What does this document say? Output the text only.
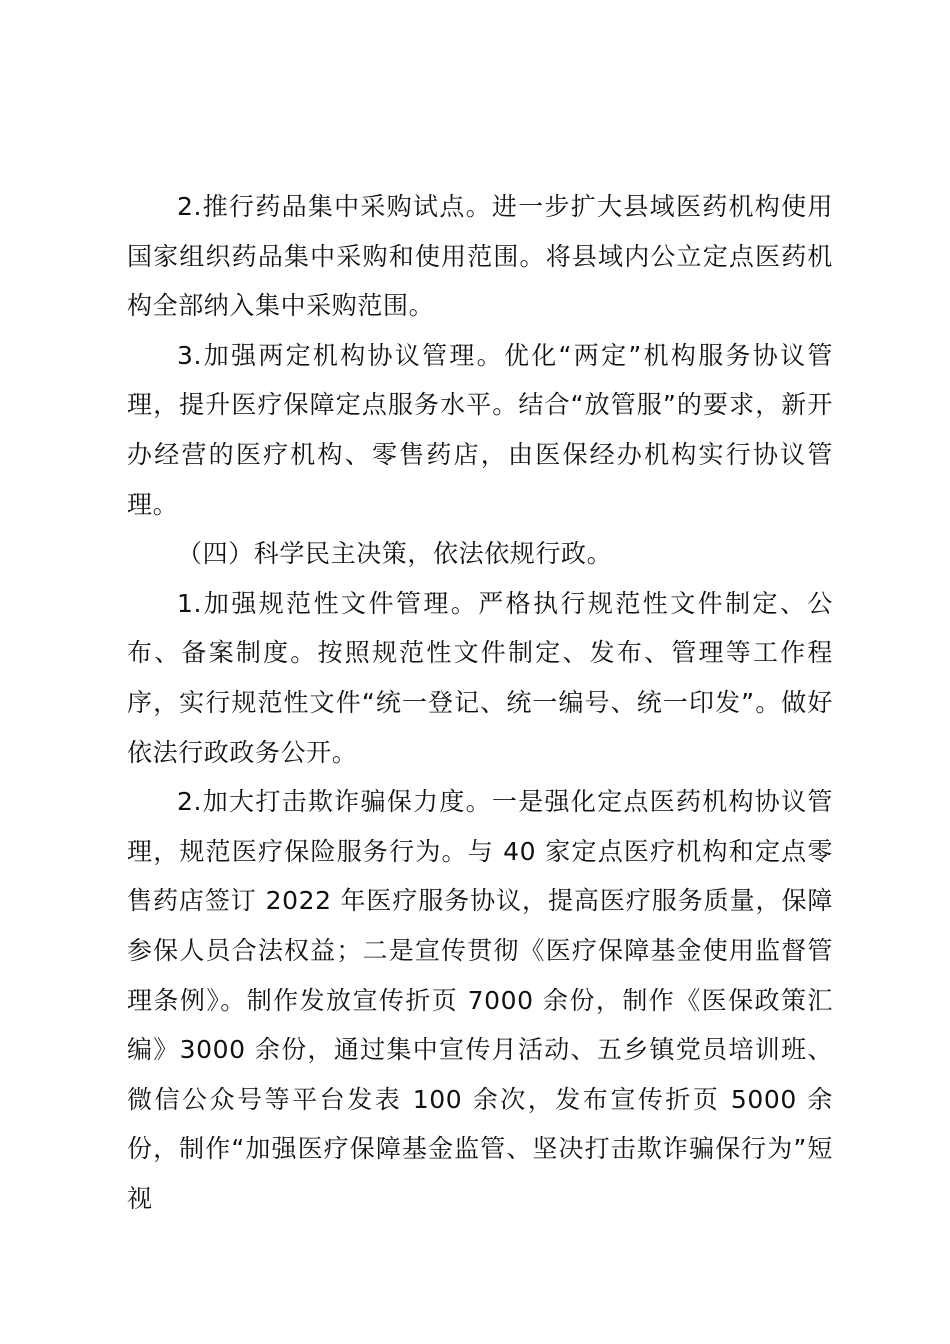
2.推行药品集中采购试点。进一步扩大县域医药机构使用国家组织药品集中采购和使用范围。将县域内公立定点医药机构全部纳入集中采购范围。

3.加强两定机构协议管理。优化“两定”机构服务协议管理，提升医疗保障定点服务水平。结合“放管服”的要求，新开办经营的医疗机构、零售药店，由医保经办机构实行协议管理。

（四）科学民主决策，依法依规行政。

1.加强规范性文件管理。严格执行规范性文件制定、公布、备案制度。按照规范性文件制定、发布、管理等工作程序，实行规范性文件“统一登记、统一编号、统一印发”。做好依法行政政务公开。

2.加大打击欺诈骗保力度。一是强化定点医药机构协议管理，规范医疗保险服务行为。与 40 家定点医疗机构和定点零售药店签订 2022 年医疗服务协议，提高医疗服务质量，保障参保人员合法权益；二是宣传贯彻《医疗保障基金使用监督管理条例》。制作发放宣传折页 7000 余份，制作《医保政策汇编》3000 余份，通过集中宣传月活动、五乡镇党员培训班、微信公众号等平台发表 100 余次，发布宣传折页 5000 余份，制作“加强医疗保障基金监管、坚决打击欺诈骗保行为”短视
